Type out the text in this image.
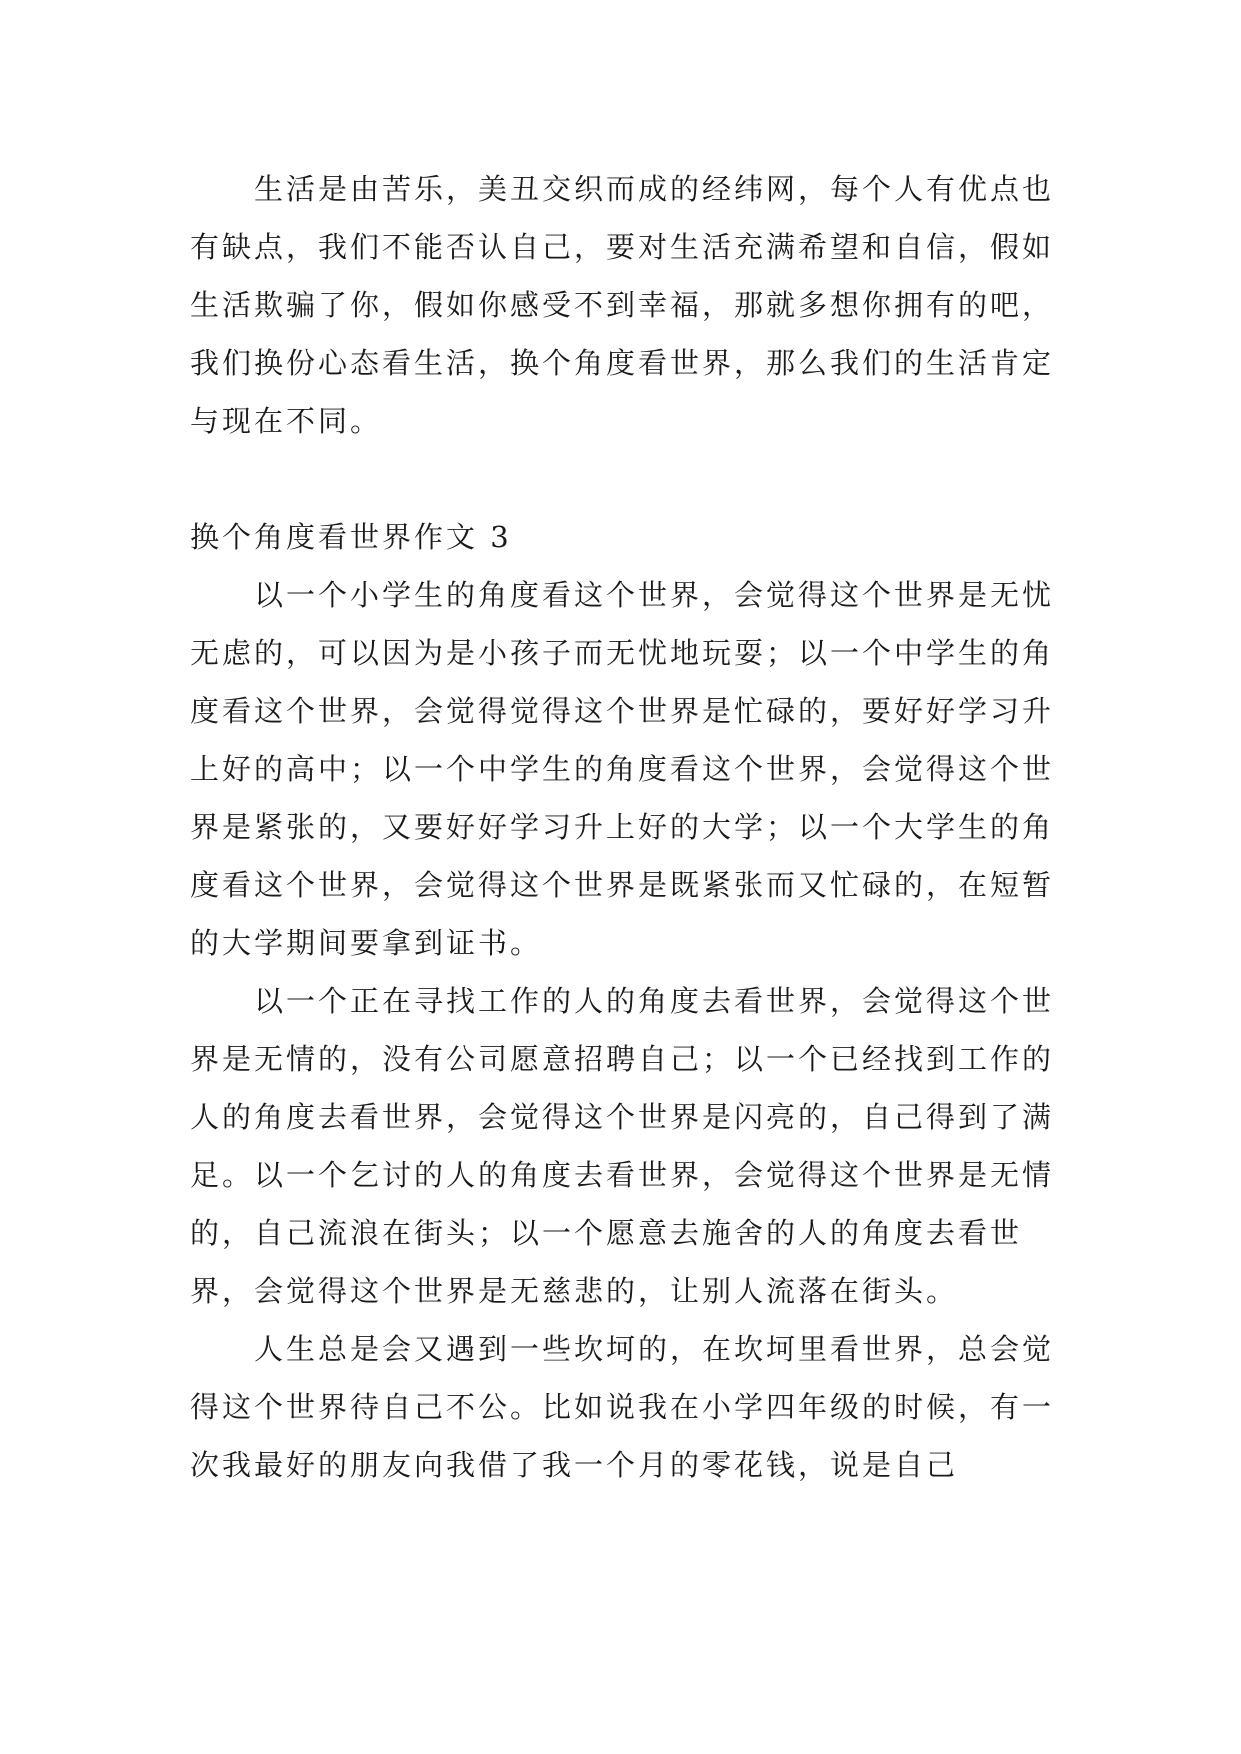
生活是由苦乐，美丑交织而成的经纬网，每个人有优点也有缺点，我们不能否认自己，要对生活充满希望和自信，假如生活欺骗了你，假如你感受不到幸福，那就多想你拥有的吧，我们换份心态看生活，换个角度看世界，那么我们的生活肯定与现在不同。

换个角度看世界作文 3

以一个小学生的角度看这个世界，会觉得这个世界是无忧无虑的，可以因为是小孩子而无忧地玩耍；以一个中学生的角度看这个世界，会觉得觉得这个世界是忙碌的，要好好学习升上好的高中；以一个中学生的角度看这个世界，会觉得这个世界是紧张的，又要好好学习升上好的大学；以一个大学生的角度看这个世界，会觉得这个世界是既紧张而又忙碌的，在短暂的大学期间要拿到证书。

以一个正在寻找工作的人的角度去看世界，会觉得这个世界是无情的，没有公司愿意招聘自己；以一个已经找到工作的人的角度去看世界，会觉得这个世界是闪亮的，自己得到了满足。以一个乞讨的人的角度去看世界，会觉得这个世界是无情的，自己流浪在街头；以一个愿意去施舍的人的角度去看世界，会觉得这个世界是无慈悲的，让别人流落在街头。

人生总是会又遇到一些坎坷的，在坎坷里看世界，总会觉得这个世界待自己不公。比如说我在小学四年级的时候，有一次我最好的朋友向我借了我一个月的零花钱，说是自己
